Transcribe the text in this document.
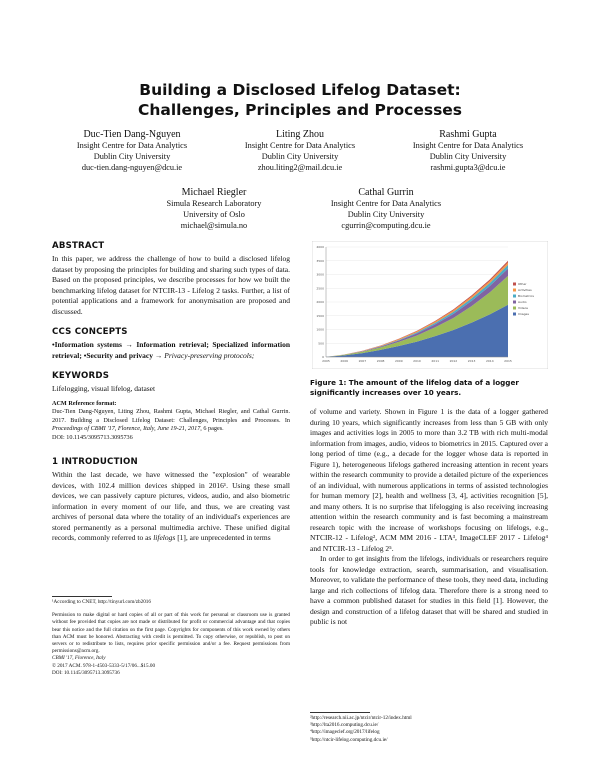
Building a Disclosed Lifelog Dataset:
Challenges, Principles and Processes
Duc-Tien Dang-Nguyen
Insight Centre for Data Analytics
Dublin City University
duc-tien.dang-nguyen@dcu.ie
Liting Zhou
Insight Centre for Data Analytics
Dublin City University
zhou.liting2@mail.dcu.ie
Rashmi Gupta
Insight Centre for Data Analytics
Dublin City University
rashmi.gupta3@dcu.ie
Michael Riegler
Simula Research Laboratory
University of Oslo
michael@simula.no
Cathal Gurrin
Insight Centre for Data Analytics
Dublin City University
cgurrin@computing.dcu.ie
ABSTRACT

In this paper, we address the challenge of how to build a disclosed lifelog dataset by proposing the principles for building and sharing such types of data. Based on the proposed principles, we describe processes for how we built the benchmarking lifelog dataset for NTCIR-13 - Lifelog 2 tasks. Further, a list of potential applications and a framework for anonymisation are proposed and discussed.

CCS CONCEPTS

•Information systems → Information retrieval; Specialized information retrieval; •Security and privacy → Privacy-preserving protocols;

KEYWORDS

Lifelogging, visual lifelog, dataset

ACM Reference format:

Duc-Tien Dang-Nguyen, Liting Zhou, Rashmi Gupta, Michael Riegler, and Cathal Gurrin. 2017. Building a Disclosed Lifelog Dataset: Challenges, Principles and Processes. In Proceedings of CBMI '17, Florence, Italy, June 19-21, 2017, 6 pages.

DOI: 10.1145/3095713.3095736
1 INTRODUCTION

Within the last decade, we have witnessed the "explosion" of wearable devices, with 102.4 million devices shipped in 2016¹. Using these small devices, we can passively capture pictures, videos, audio, and also biometric information in every moment of our life, and thus, we are creating vast archives of personal data where the totality of an individual's experiences are stored permanently as a personal multimedia archive. These unified digital records, commonly referred to as lifelogs [1], are unprecedented in terms

¹According to CNET, http://tinyurl.com/zb2016
Permission to make digital or hard copies of all or part of this work for personal or classroom use is granted without fee provided that copies are not made or distributed for profit or commercial advantage and that copies bear this notice and the full citation on the first page. Copyrights for components of this work owned by others than ACM must be honored. Abstracting with credit is permitted. To copy otherwise, or republish, to post on servers or to redistribute to lists, requires prior specific permission and/or a fee. Request permissions from permissions@acm.org.
CBMI '17, Florence, Italy
© 2017 ACM. 978-1-4503-5333-5/17/06...$15.00
DOI: 10.1145/3095713.3095736
0
500
1000
1500
2000
2500
3000
3500
4000
2005	2006	2007	2008	2009	2010	2011	2012	2013	2014	2015
Other
Activities
Biometrics
Audio
Videos
Images
Figure 1: The amount of the lifelog data of a logger significantly increases over 10 years.

of volume and variety. Shown in Figure 1 is the data of a logger gathered during 10 years, which significantly increases from less than 5 GB with only images and activities logs in 2005 to more than 3.2 TB with rich multi-modal information from images, audio, videos to biometrics in 2015. Captured over a long period of time (e.g., a decade for the logger whose data is reported in Figure 1), heterogeneous lifelogs gathered increasing attention in recent years within the research community to provide a detailed picture of the experiences of an individual, with numerous applications in terms of assisted technologies for human memory [2], health and wellness [3, 4], activities recognition [5], and many others. It is no surprise that lifelogging is also receiving increasing attention within the research community and is fast becoming a mainstream research topic with the increase of workshops focusing on lifelogs, e.g., NTCIR-12 - Lifelog², ACM MM 2016 - LTA³, ImageCLEF 2017 - Lifelog⁴ and NTCIR-13 - Lifelog 2⁵.

In order to get insights from the lifelogs, individuals or researchers require tools for knowledge extraction, search, summarisation, and visualisation. Moreover, to validate the performance of these tools, they need data, including large and rich collections of lifelog data. Therefore there is a strong need to have a common published dataset for studies in this field [1]. However, the design and construction of a lifelog dataset that will be shared and studied in public is not

²http://research.nii.ac.jp/ntcir/ntcir-12/index.html
³http://lta2016.computing.dcu.ie/
⁴http://imageclef.org/2017/lifelog
⁵http://ntcir-lifelog.computing.dcu.ie/
